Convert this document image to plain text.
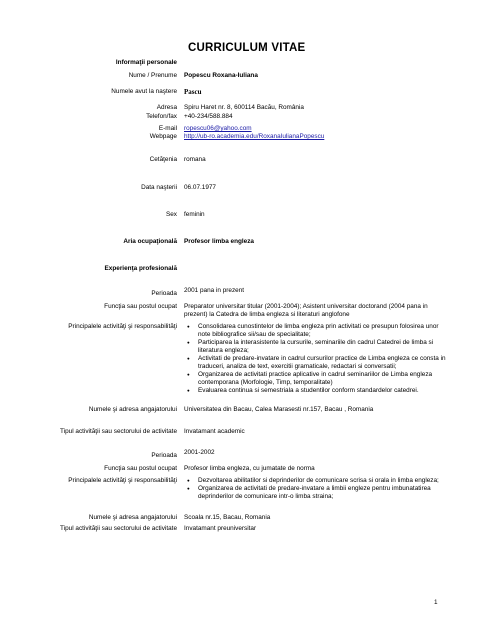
CURRICULUM VITAE
Informaţii personale
Nume / Prenume Popescu Roxana-Iuliana
Numele avut la naştere Pascu
Adresa Spiru Haret nr. 8, 600114 Bacău, România
Telefon/fax +40-234/588.884
E-mail ropescu06@yahoo.com
Webpage http://ub-ro.academia.edu/RoxanaIulianaPopescu
Cetăţenia romana
Data naşterii 06.07.1977
Sex feminin
Aria ocupaţională Profesor limba engleza
Experienţa profesională
Perioada 2001 pana in prezent
Funcţia sau postul ocupat Preparator universitar titular (2001-2004); Asistent universitar doctorand (2004 pana in
prezent) la Catedra de limba engleza si literaturi anglofone
Principalele activităţi şi responsabilităţi	● Consolidarea cunostintelor de limba engleza prin activitati ce presupun folosirea unor note bibliografice sii/sau de specialitate;
● Participarea la interasistente la cursurile, seminariile din cadrul Catedrei de limba si literatura engleza;
● Activitati de predare-invatare in cadrul cursurilor practice de Limba engleza ce consta in traduceri, analiza de text, exercitii gramaticale, redactari si conversatii;
● Organizarea de activitati practice aplicative in cadrul seminariilor de Limba engleza contemporana (Morfologie, Timp, temporalitate)
● Evaluarea continua si semestriala a studentilor conform standardelor catedrei.
Numele şi adresa angajatorului Universitatea din Bacau, Calea Marasesti nr.157, Bacau , Romania
Tipul activităţii sau sectorului de activitate Invatamant academic
Perioada 2001-2002
Funcţia sau postul ocupat Profesor limba engleza, cu jumatate de norma
Principalele activităţi şi responsabilităţi	● Dezvoltarea abilitatilor si deprinderilor de comunicare scrisa si orala in limba engleza;
● Organizarea de activitati de predare-invatare a limbii engleze pentru imbunatatirea deprinderilor de comunicare intr-o limba straina;
Numele şi adresa angajatorului Scoala nr.15, Bacau, Romania
Tipul activităţii sau sectorului de activitate Invatamant preuniversitar
1
